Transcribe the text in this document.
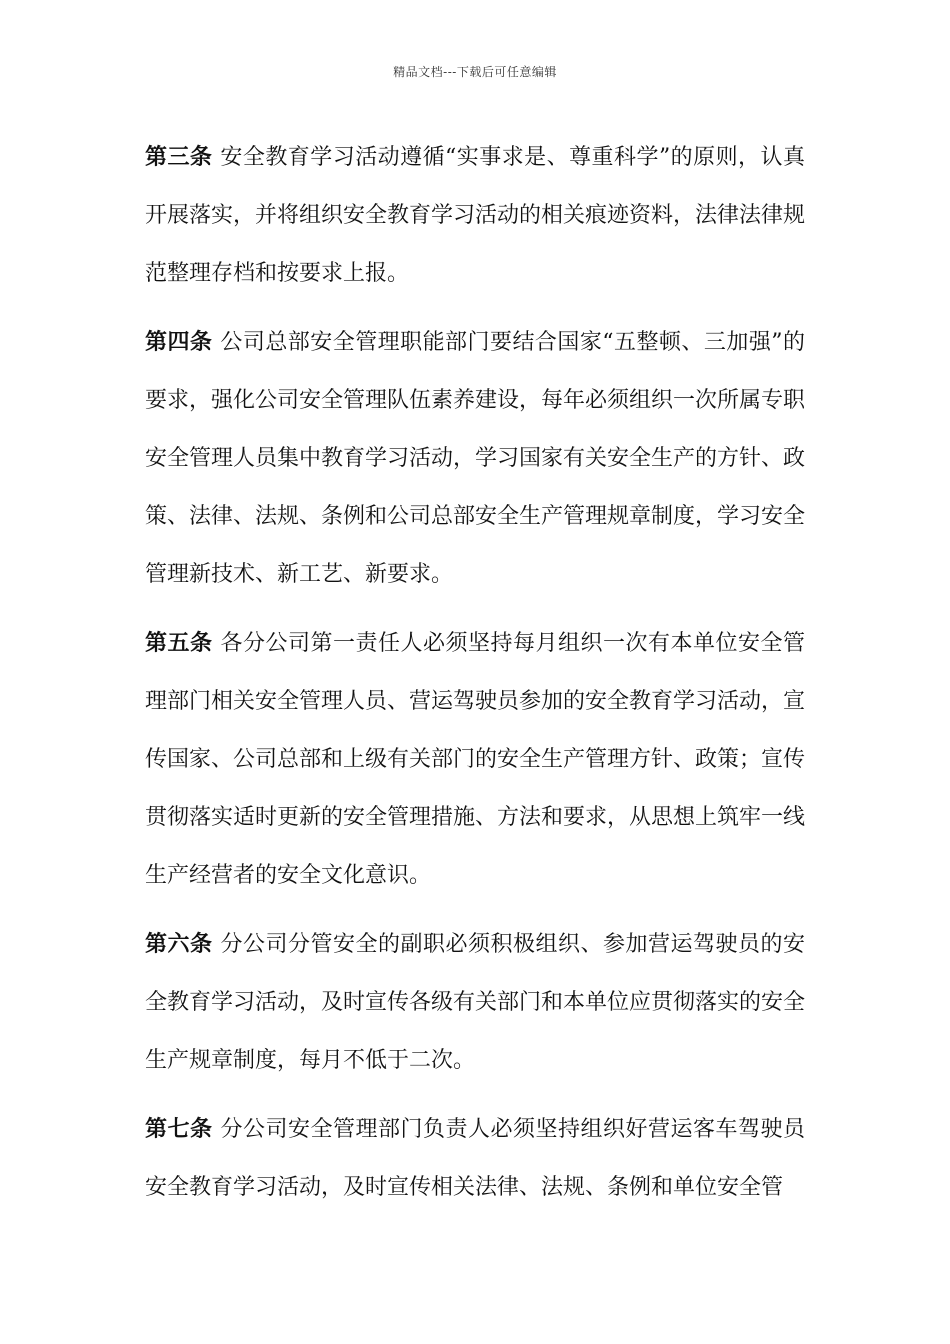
精品文档---下载后可任意编辑

第三条 安全教育学习活动遵循“实事求是、尊重科学”的原则，认真开展落实，并将组织安全教育学习活动的相关痕迹资料，法律法律规范整理存档和按要求上报。

第四条 公司总部安全管理职能部门要结合国家“五整顿、三加强”的要求，强化公司安全管理队伍素养建设，每年必须组织一次所属专职安全管理人员集中教育学习活动，学习国家有关安全生产的方针、政策、法律、法规、条例和公司总部安全生产管理规章制度，学习安全管理新技术、新工艺、新要求。

第五条 各分公司第一责任人必须坚持每月组织一次有本单位安全管理部门相关安全管理人员、营运驾驶员参加的安全教育学习活动，宣传国家、公司总部和上级有关部门的安全生产管理方针、政策；宣传贯彻落实适时更新的安全管理措施、方法和要求，从思想上筑牢一线生产经营者的安全文化意识。

第六条 分公司分管安全的副职必须积极组织、参加营运驾驶员的安全教育学习活动，及时宣传各级有关部门和本单位应贯彻落实的安全生产规章制度，每月不低于二次。

第七条 分公司安全管理部门负责人必须坚持组织好营运客车驾驶员安全教育学习活动，及时宣传相关法律、法规、条例和单位安全管
